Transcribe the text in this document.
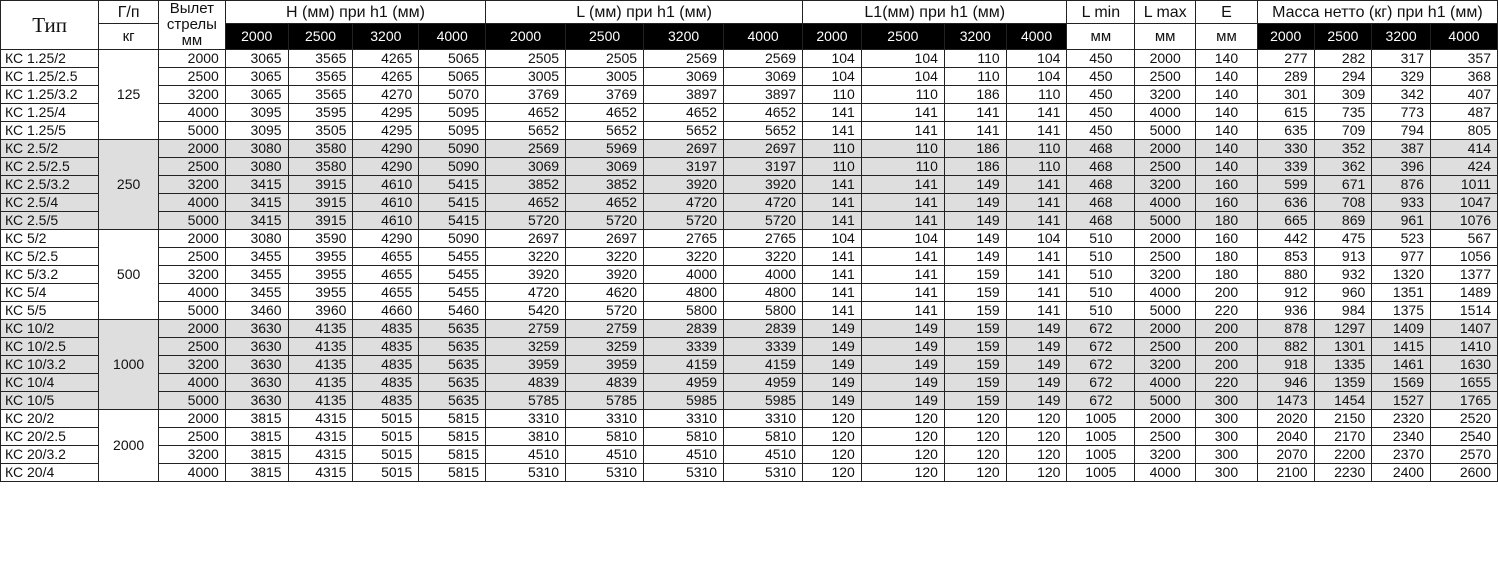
Тип	Г/п	Вылет
стрелы
мм	H (мм) при h1 (мм)				L (мм) при h1 (мм)				L1(мм) при h1 (мм)				L min	L max	E	Масса нетто (кг) при h1 (мм)			
	кг		2000	2500	3200	4000	2000	2500	3200	4000	2000	2500	3200	4000	мм	мм	мм	2000	2500	3200	4000
КС 1.25/2	125	2000	3065	3565	4265	5065	2505	2505	2569	2569	104	104	110	104	450	2000	140	277	282	317	357
КС 1.25/2.5		2500	3065	3565	4265	5065	3005	3005	3069	3069	104	104	110	104	450	2500	140	289	294	329	368
КС 1.25/3.2		3200	3065	3565	4270	5070	3769	3769	3897	3897	110	110	186	110	450	3200	140	301	309	342	407
КС 1.25/4		4000	3095	3595	4295	5095	4652	4652	4652	4652	141	141	141	141	450	4000	140	615	735	773	487
КС 1.25/5		5000	3095	3505	4295	5095	5652	5652	5652	5652	141	141	141	141	450	5000	140	635	709	794	805
КС 2.5/2	250	2000	3080	3580	4290	5090	2569	5969	2697	2697	110	110	186	110	468	2000	140	330	352	387	414
КС 2.5/2.5		2500	3080	3580	4290	5090	3069	3069	3197	3197	110	110	186	110	468	2500	140	339	362	396	424
КС 2.5/3.2		3200	3415	3915	4610	5415	3852	3852	3920	3920	141	141	149	141	468	3200	160	599	671	876	1011
КС 2.5/4		4000	3415	3915	4610	5415	4652	4652	4720	4720	141	141	149	141	468	4000	160	636	708	933	1047
КС 2.5/5		5000	3415	3915	4610	5415	5720	5720	5720	5720	141	141	149	141	468	5000	180	665	869	961	1076
КС 5/2	500	2000	3080	3590	4290	5090	2697	2697	2765	2765	104	104	149	104	510	2000	160	442	475	523	567
КС 5/2.5		2500	3455	3955	4655	5455	3220	3220	3220	3220	141	141	149	141	510	2500	180	853	913	977	1056
КС 5/3.2		3200	3455	3955	4655	5455	3920	3920	4000	4000	141	141	159	141	510	3200	180	880	932	1320	1377
КС 5/4		4000	3455	3955	4655	5455	4720	4620	4800	4800	141	141	159	141	510	4000	200	912	960	1351	1489
КС 5/5		5000	3460	3960	4660	5460	5420	5720	5800	5800	141	141	159	141	510	5000	220	936	984	1375	1514
КС 10/2	1000	2000	3630	4135	4835	5635	2759	2759	2839	2839	149	149	159	149	672	2000	200	878	1297	1409	1407
КС 10/2.5		2500	3630	4135	4835	5635	3259	3259	3339	3339	149	149	159	149	672	2500	200	882	1301	1415	1410
КС 10/3.2		3200	3630	4135	4835	5635	3959	3959	4159	4159	149	149	159	149	672	3200	200	918	1335	1461	1630
КС 10/4		4000	3630	4135	4835	5635	4839	4839	4959	4959	149	149	159	149	672	4000	220	946	1359	1569	1655
КС 10/5		5000	3630	4135	4835	5635	5785	5785	5985	5985	149	149	159	149	672	5000	300	1473	1454	1527	1765
КС 20/2	2000	2000	3815	4315	5015	5815	3310	3310	3310	3310	120	120	120	120	1005	2000	300	2020	2150	2320	2520
КС 20/2.5		2500	3815	4315	5015	5815	3810	5810	5810	5810	120	120	120	120	1005	2500	300	2040	2170	2340	2540
КС 20/3.2		3200	3815	4315	5015	5815	4510	4510	4510	4510	120	120	120	120	1005	3200	300	2070	2200	2370	2570
КС 20/4		4000	3815	4315	5015	5815	5310	5310	5310	5310	120	120	120	120	1005	4000	300	2100	2230	2400	2600
